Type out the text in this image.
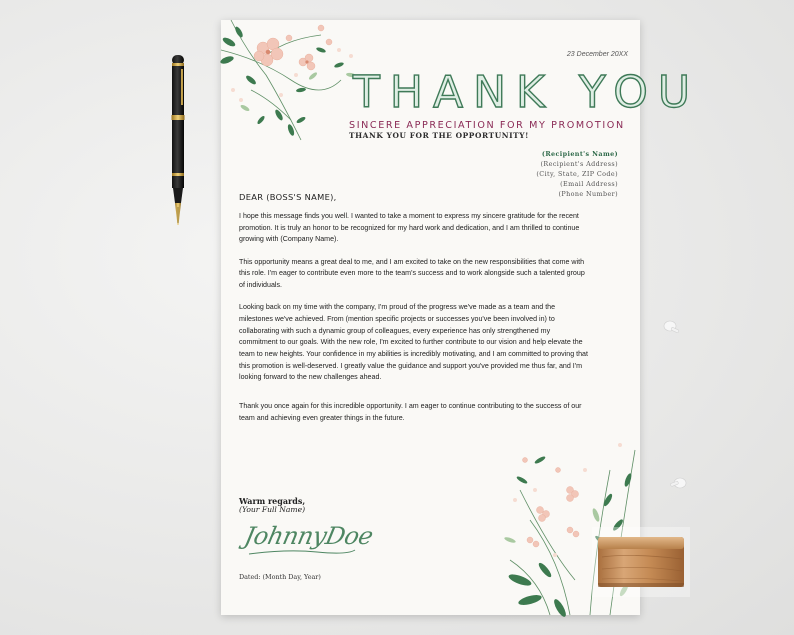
23 December 20XX
THANK YOU
SINCERE APPRECIATION FOR MY PROMOTION
THANK YOU FOR THE OPPORTUNITY!
(Recipient's Name)
(Recipient's Address)
(City, State, ZIP Code)
(Email Address)
(Phone Number)
DEAR (BOSS'S NAME),

I hope this message finds you well. I wanted to take a moment to express my sincere gratitude for the recent promotion. It is truly an honor to be recognized for my hard work and dedication, and I am thrilled to continue growing with (Company Name).

This opportunity means a great deal to me, and I am excited to take on the new responsibilities that come with this role. I'm eager to contribute even more to the team's success and to work alongside such a talented group of individuals.

Looking back on my time with the company, I'm proud of the progress we've made as a team and the milestones we've achieved. From (mention specific projects or successes you've been involved in) to collaborating with such a dynamic group of colleagues, every experience has only strengthened my commitment to our goals. With the new role, I'm excited to further contribute to our vision and help elevate the team to new heights. Your confidence in my abilities is incredibly motivating, and I am committed to proving that this promotion is well-deserved. I greatly value the guidance and support you've provided me thus far, and I'm looking forward to the new challenges ahead.

Thank you once again for this incredible opportunity. I am eager to continue contributing to the success of our team and achieving even greater things in the future.

Warm regards,
(Your Full Name)
JohnnyDoe
Dated: (Month Day, Year)
